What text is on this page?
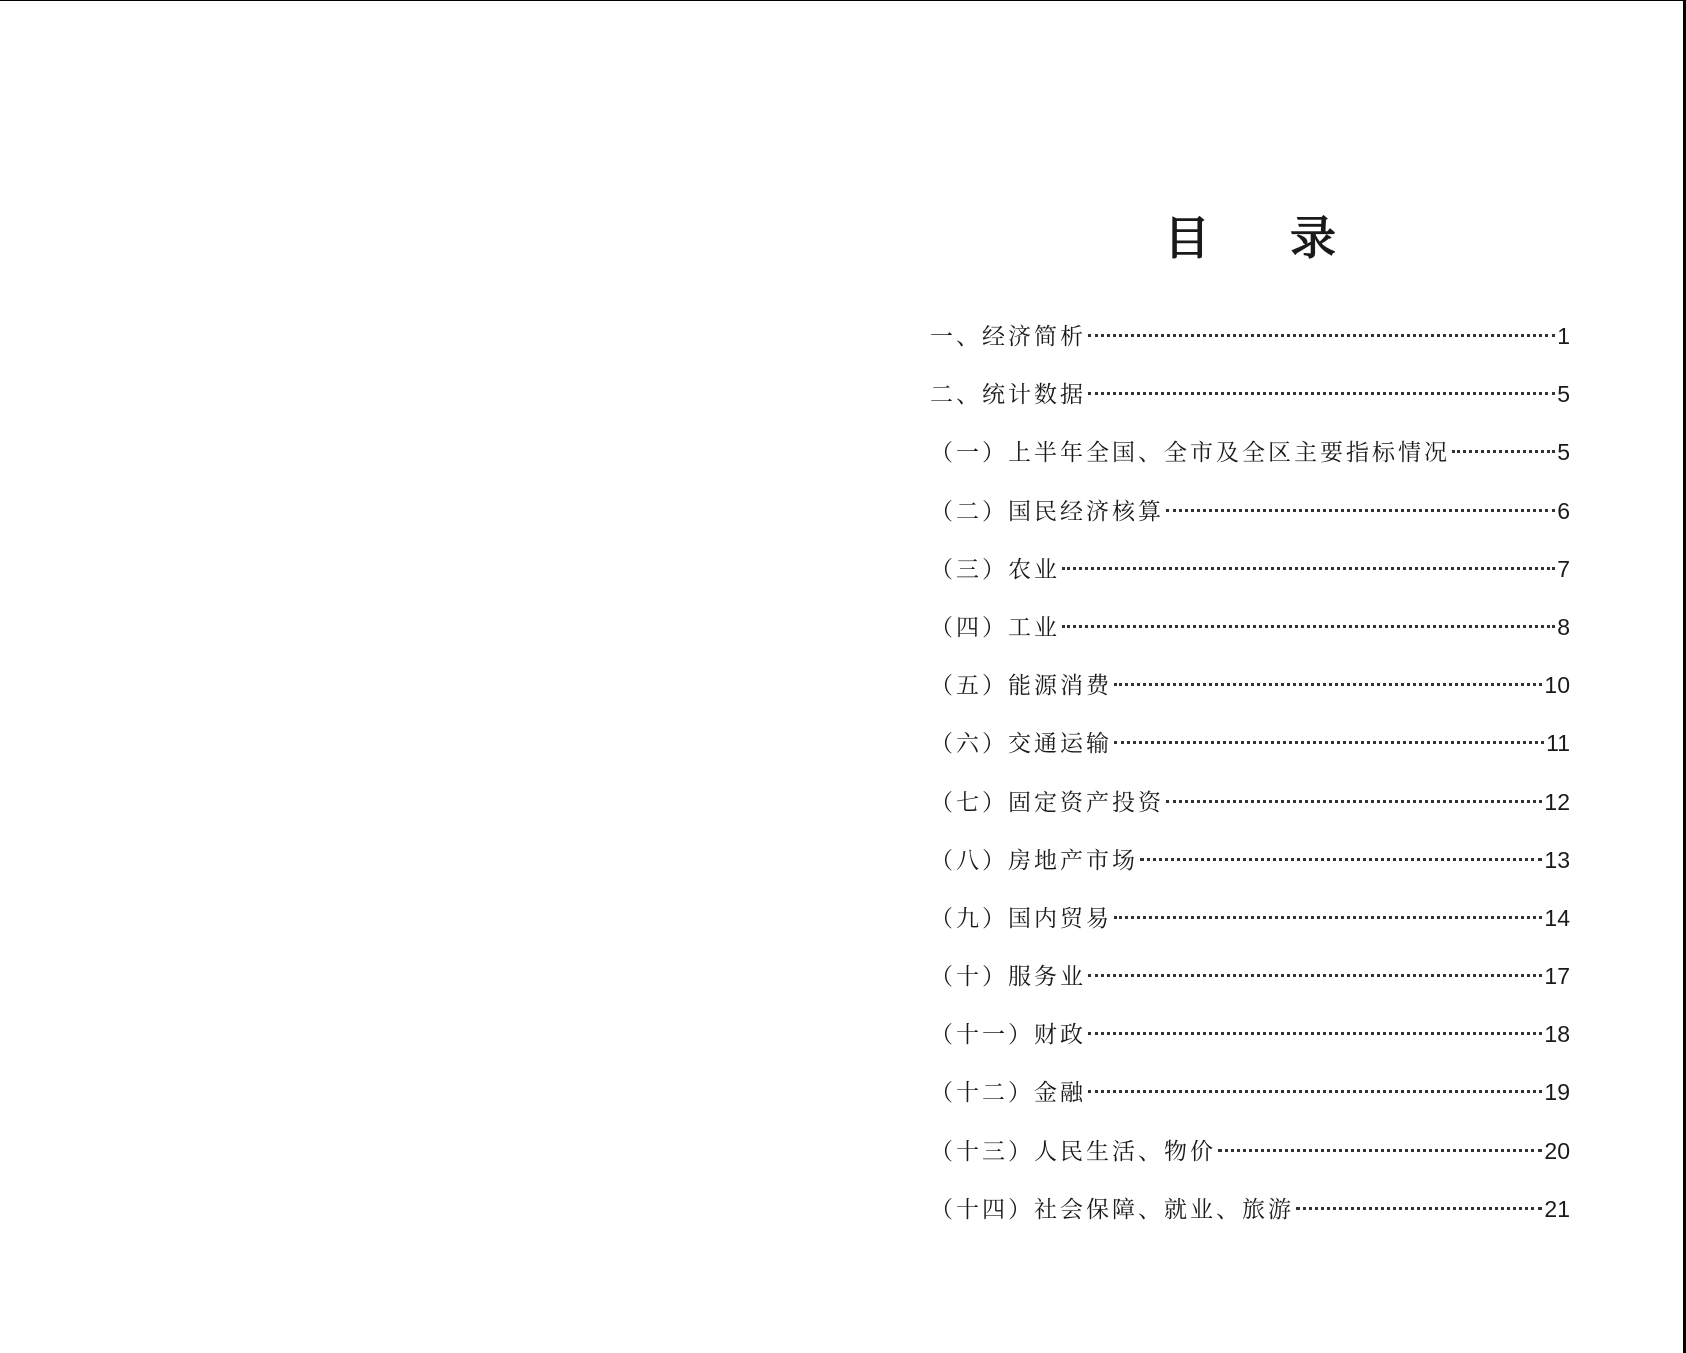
目 录
一、经济简析	1
二、统计数据	5
（一）上半年全国、全市及全区主要指标情况	5
（二）国民经济核算	6
（三）农业	7
（四）工业	8
（五）能源消费	10
（六）交通运输	11
（七）固定资产投资	12
（八）房地产市场	13
（九）国内贸易	14
（十）服务业	17
（十一）财政	18
（十二）金融	19
（十三）人民生活、物价	20
（十四）社会保障、就业、旅游	21
